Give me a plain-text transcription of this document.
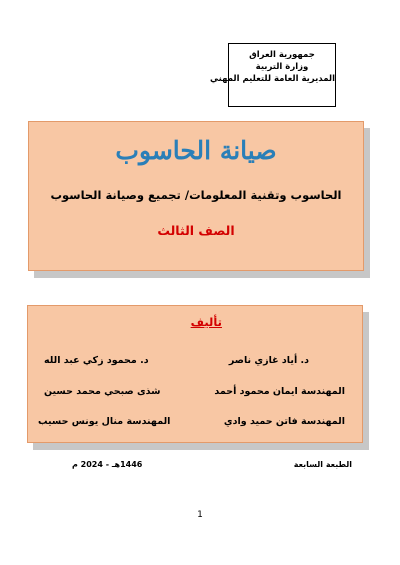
جمهورية العراق
وزارة التربية
المديرية العامة للتعليم المهني
صيانة الحاسوب
الحاسوب وتقنية المعلومات/ تجميع وصيانة الحاسوب
الصف الثالث
تأليف
د. أياد غازي ناصر
د. محمود زكي عبد الله
المهندسة ايمان محمود أحمد
شذى صبحي محمد حسين
المهندسة فاتن حميد وادي
المهندسة منال يونس حسيب
الطبعة السابعة
1446هـ - 2024 م
1
